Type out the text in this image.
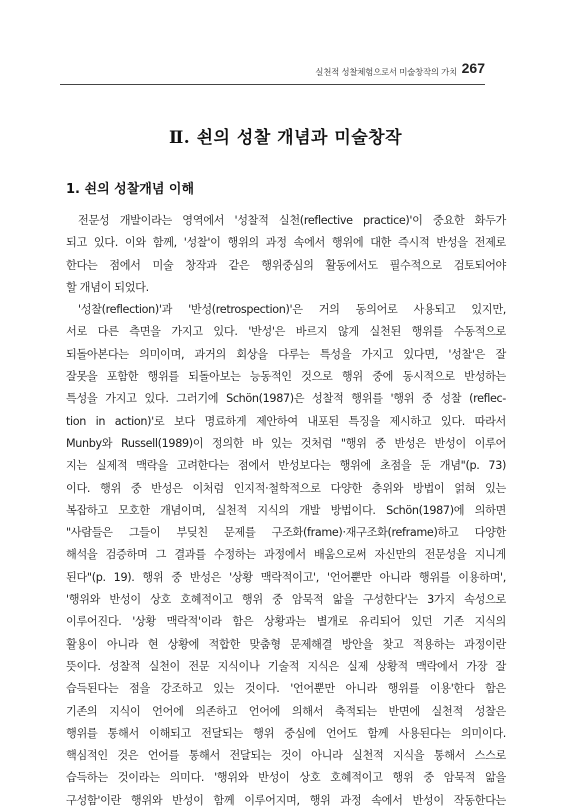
실천적 성찰체험으로서 미술창작의 가치 267
Ⅱ. 쇤의 성찰 개념과 미술창작
1. 쇤의 성찰개념 이해
전문성 개발이라는 영역에서 '성찰적 실천(reflective practice)'이 중요한 화두가
되고 있다. 이와 함께, '성찰'이 행위의 과정 속에서 행위에 대한 즉시적 반성을 전제로
한다는 점에서 미술 창작과 같은 행위중심의 활동에서도 필수적으로 검토되어야
할 개념이 되었다.
'성찰(reflection)'과 '반성(retrospection)'은 거의 동의어로 사용되고 있지만,
서로 다른 측면을 가지고 있다. '반성'은 바르지 않게 실천된 행위를 수동적으로
되돌아본다는 의미이며, 과거의 회상을 다루는 특성을 가지고 있다면, '성찰'은 잘
잘못을 포함한 행위를 되돌아보는 능동적인 것으로 행위 중에 동시적으로 반성하는
특성을 가지고 있다. 그러기에 Schön(1987)은 성찰적 행위를 '행위 중 성찰 (reflec-
tion in action)'로 보다 명료하게 제안하여 내포된 특징을 제시하고 있다. 따라서
Munby와 Russell(1989)이 정의한 바 있는 것처럼 "행위 중 반성은 반성이 이루어
지는 실제적 맥락을 고려한다는 점에서 반성보다는 행위에 초점을 둔 개념"(p. 73)
이다. 행위 중 반성은 이처럼 인지적·철학적으로 다양한 층위와 방법이 얽혀 있는
복잡하고 모호한 개념이며, 실천적 지식의 개발 방법이다. Schön(1987)에 의하면
"사람들은 그들이 부딪친 문제를 구조화(frame)·재구조화(reframe)하고 다양한
해석을 검증하며 그 결과를 수정하는 과정에서 배움으로써 자신만의 전문성을 지니게
된다"(p. 19). 행위 중 반성은 '상황 맥락적이고', '언어뿐만 아니라 행위를 이용하며',
'행위와 반성이 상호 호혜적이고 행위 중 암묵적 앎을 구성한다'는 3가지 속성으로
이루어진다. '상황 맥락적'이라 함은 상황과는 별개로 유리되어 있던 기존 지식의
활용이 아니라 현 상황에 적합한 맞춤형 문제해결 방안을 찾고 적용하는 과정이란
뜻이다. 성찰적 실천이 전문 지식이나 기술적 지식은 실제 상황적 맥락에서 가장 잘
습득된다는 점을 강조하고 있는 것이다. '언어뿐만 아니라 행위를 이용'한다 함은
기존의 지식이 언어에 의존하고 언어에 의해서 축적되는 반면에 실천적 성찰은
행위를 통해서 이해되고 전달되는 행위 중심에 언어도 함께 사용된다는 의미이다.
핵심적인 것은 언어를 통해서 전달되는 것이 아니라 실천적 지식을 통해서 스스로
습득하는 것이라는 의미다. '행위와 반성이 상호 호혜적이고 행위 중 암묵적 앎을
구성함'이란 행위와 반성이 함께 이루어지며, 행위 과정 속에서 반성이 작동한다는
